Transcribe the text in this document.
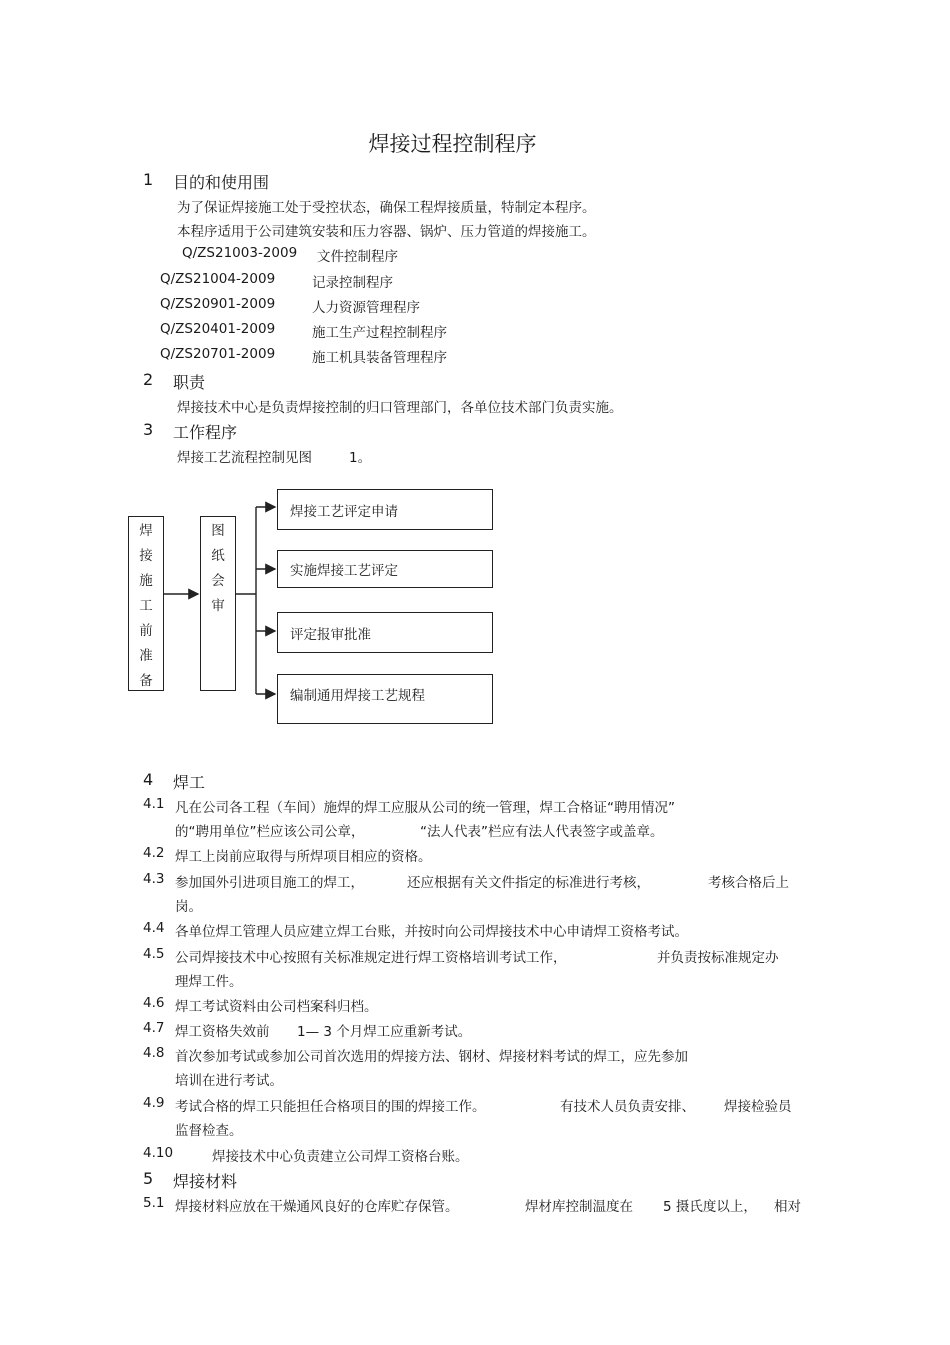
焊接过程控制程序
1 目的和使用围
为了保证焊接施工处于受控状态，确保工程焊接质量，特制定本程序。
本程序适用于公司建筑安装和压力容器、锅炉、压力管道的焊接施工。
Q/ZS21003-2009 文件控制程序
Q/ZS21004-2009	记录控制程序
Q/ZS20901-2009	人力资源管理程序
Q/ZS20401-2009	施工生产过程控制程序
Q/ZS20701-2009	施工机具装备管理程序
2 职责
焊接技术中心是负责焊接控制的归口管理部门，各单位技术部门负责实施。
3 工作程序
焊接工艺流程控制见图	1。
焊
接
施
工
前
准
备
图
纸
会
审
焊接工艺评定申请
实施焊接工艺评定
评定报审批准
编制通用焊接工艺规程
4 焊工
4.1 凡在公司各工程（车间）施焊的焊工应服从公司的统一管理，焊工合格证“聘用情况”
的“聘用单位”栏应该公司公章，	“法人代表”栏应有法人代表签字或盖章。
4.2 焊工上岗前应取得与所焊项目相应的资格。
4.3 参加国外引进项目施工的焊工，	还应根据有关文件指定的标准进行考核，	考核合格后上
岗。
4.4 各单位焊工管理人员应建立焊工台账，并按时向公司焊接技术中心申请焊工资格考试。
4.5 公司焊接技术中心按照有关标准规定进行焊工资格培训考试工作，	并负责按标准规定办
理焊工件。
4.6 焊工考试资料由公司档案科归档。
4.7 焊工资格失效前 1— 3 个月焊工应重新考试。
4.8 首次参加考试或参加公司首次选用的焊接方法、钢材、焊接材料考试的焊工，应先参加
培训在进行考试。
4.9 考试合格的焊工只能担任合格项目的围的焊接工作。	有技术人员负责安排、 焊接检验员
监督检查。
4.10	焊接技术中心负责建立公司焊工资格台账。
5 焊接材料
5.1 焊接材料应放在干燥通风良好的仓库贮存保管。	焊材库控制温度在 5 摄氏度以上， 相对
